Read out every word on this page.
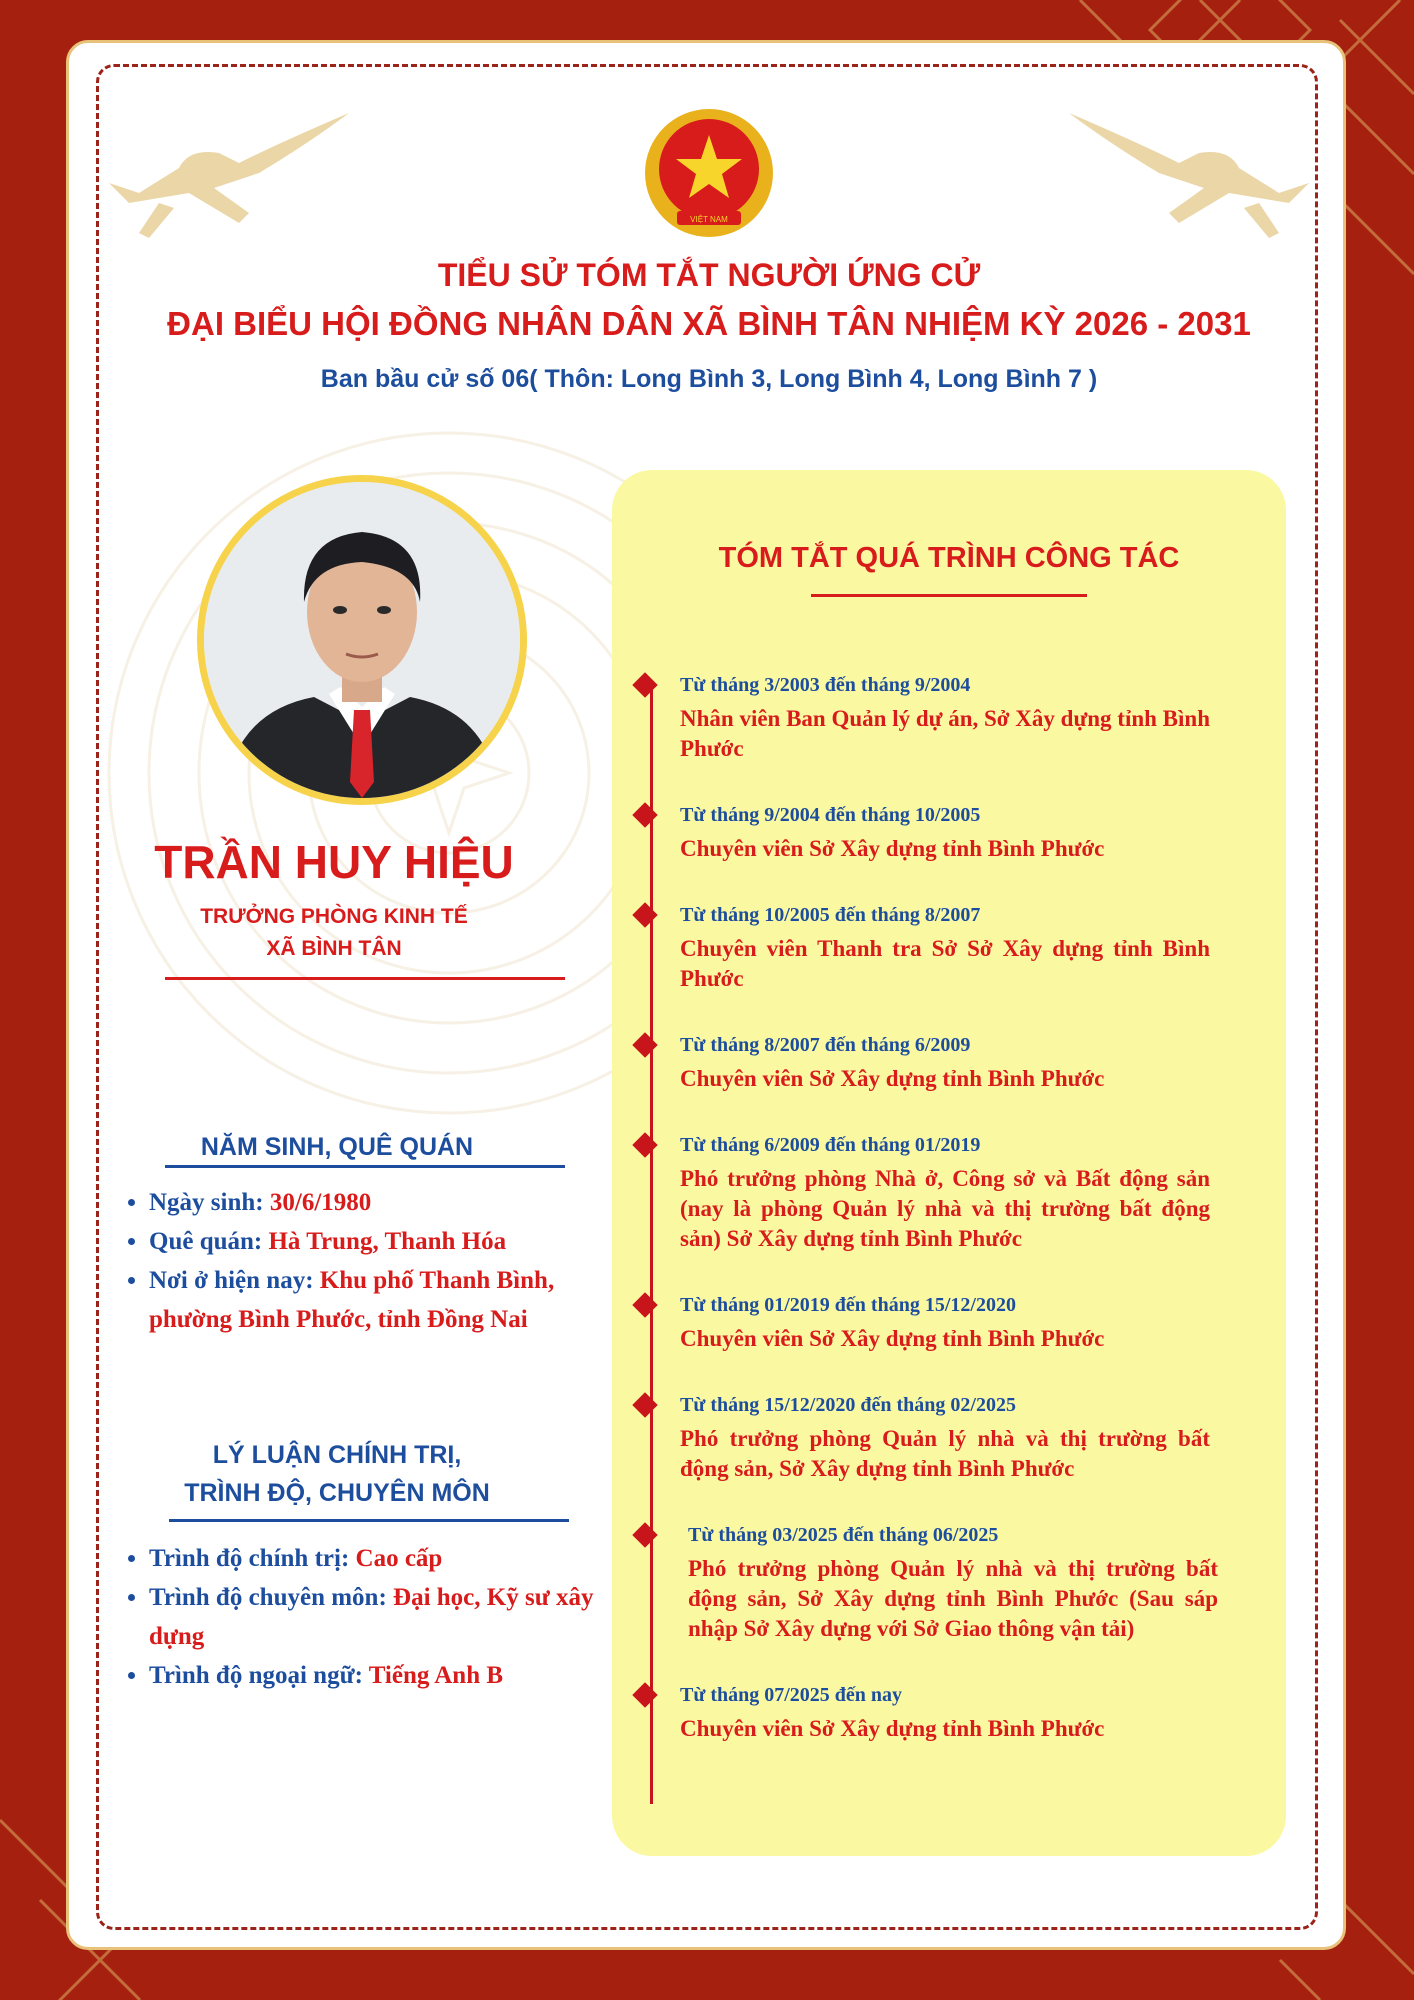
VIỆT NAM
TIỂU SỬ TÓM TẮT NGƯỜI ỨNG CỬ
ĐẠI BIỂU HỘI ĐỒNG NHÂN DÂN XÃ BÌNH TÂN NHIỆM KỲ 2026 - 2031
Ban bầu cử số 06( Thôn: Long Bình 3, Long Bình 4, Long Bình 7 )
TRẦN HUY HIỆU
TRƯỞNG PHÒNG KINH TẾ
XÃ BÌNH TÂN
NĂM SINH, QUÊ QUÁN
• Ngày sinh: 30/6/1980
• Quê quán: Hà Trung, Thanh Hóa
• Nơi ở hiện nay: Khu phố Thanh Bình, phường Bình Phước, tỉnh Đồng Nai
LÝ LUẬN CHÍNH TRỊ,
TRÌNH ĐỘ, CHUYÊN MÔN
• Trình độ chính trị: Cao cấp
• Trình độ chuyên môn: Đại học, Kỹ sư xây dựng
• Trình độ ngoại ngữ: Tiếng Anh B
TÓM TẮT QUÁ TRÌNH CÔNG TÁC
Từ tháng 3/2003 đến tháng 9/2004
Nhân viên Ban Quản lý dự án, Sở Xây dựng tỉnh Bình Phước
Từ tháng 9/2004 đến tháng 10/2005
Chuyên viên Sở Xây dựng tỉnh Bình Phước
Từ tháng 10/2005 đến tháng 8/2007
Chuyên viên Thanh tra Sở Sở Xây dựng tỉnh Bình Phước
Từ tháng 8/2007 đến tháng 6/2009
Chuyên viên Sở Xây dựng tỉnh Bình Phước
Từ tháng 6/2009 đến tháng 01/2019
Phó trưởng phòng Nhà ở, Công sở và Bất động sản (nay là phòng Quản lý nhà và thị trường bất động sản) Sở Xây dựng tỉnh Bình Phước
Từ tháng 01/2019 đến tháng 15/12/2020
Chuyên viên Sở Xây dựng tỉnh Bình Phước
Từ tháng 15/12/2020 đến tháng 02/2025
Phó trưởng phòng Quản lý nhà và thị trường bất động sản, Sở Xây dựng tỉnh Bình Phước
Từ tháng 03/2025 đến tháng 06/2025
Phó trưởng phòng Quản lý nhà và thị trường bất động sản, Sở Xây dựng tỉnh Bình Phước (Sau sáp nhập Sở Xây dựng với Sở Giao thông vận tải)
Từ tháng 07/2025 đến nay
Chuyên viên Sở Xây dựng tỉnh Bình Phước
